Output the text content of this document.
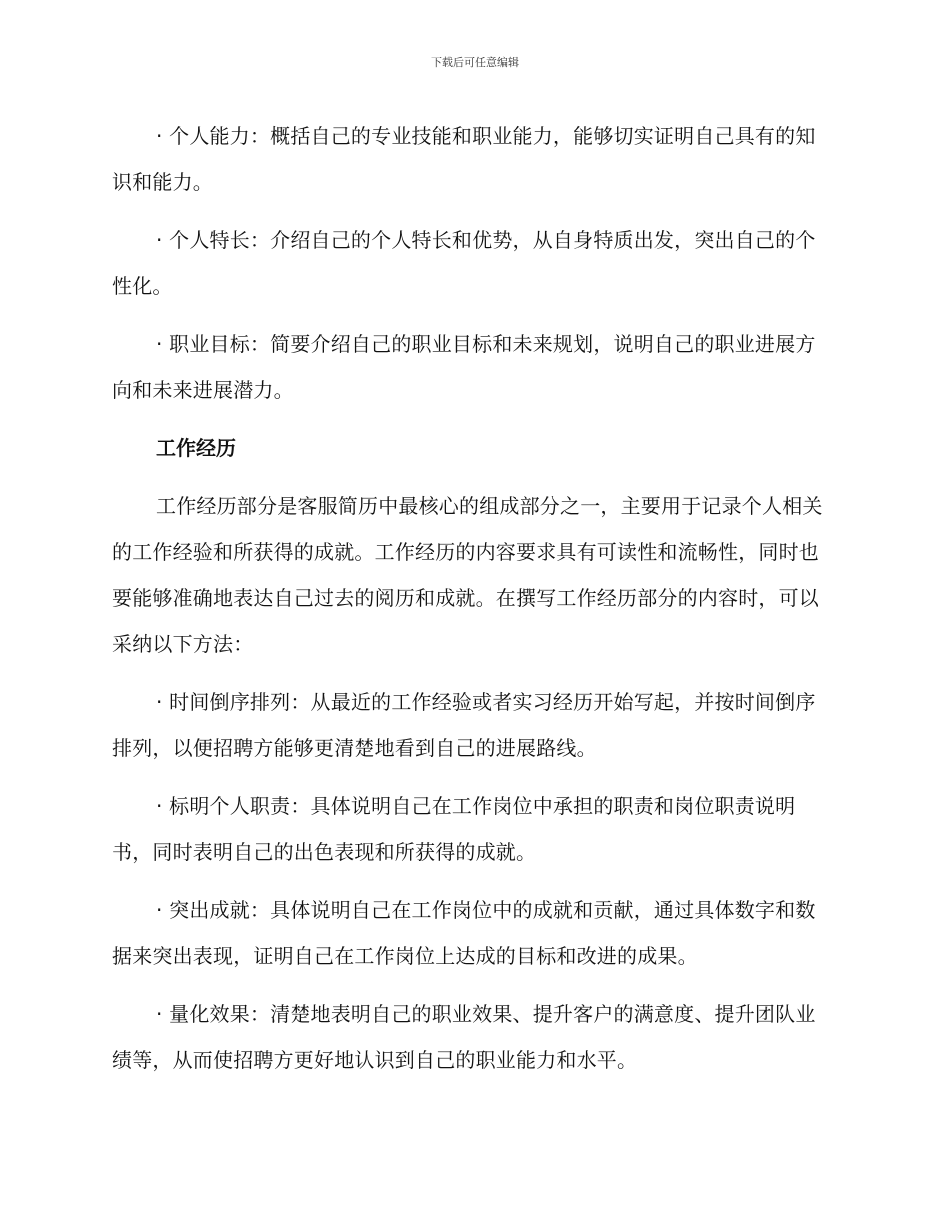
下载后可任意编辑

· 个人能力：概括自己的专业技能和职业能力，能够切实证明自己具有的知识和能力。

· 个人特长：介绍自己的个人特长和优势，从自身特质出发，突出自己的个性化。

· 职业目标：简要介绍自己的职业目标和未来规划，说明自己的职业进展方向和未来进展潜力。

工作经历

工作经历部分是客服简历中最核心的组成部分之一，主要用于记录个人相关的工作经验和所获得的成就。工作经历的内容要求具有可读性和流畅性，同时也要能够准确地表达自己过去的阅历和成就。在撰写工作经历部分的内容时，可以采纳以下方法：

· 时间倒序排列：从最近的工作经验或者实习经历开始写起，并按时间倒序排列，以便招聘方能够更清楚地看到自己的进展路线。

· 标明个人职责：具体说明自己在工作岗位中承担的职责和岗位职责说明书，同时表明自己的出色表现和所获得的成就。

· 突出成就：具体说明自己在工作岗位中的成就和贡献，通过具体数字和数据来突出表现，证明自己在工作岗位上达成的目标和改进的成果。

· 量化效果：清楚地表明自己的职业效果、提升客户的满意度、提升团队业绩等，从而使招聘方更好地认识到自己的职业能力和水平。
